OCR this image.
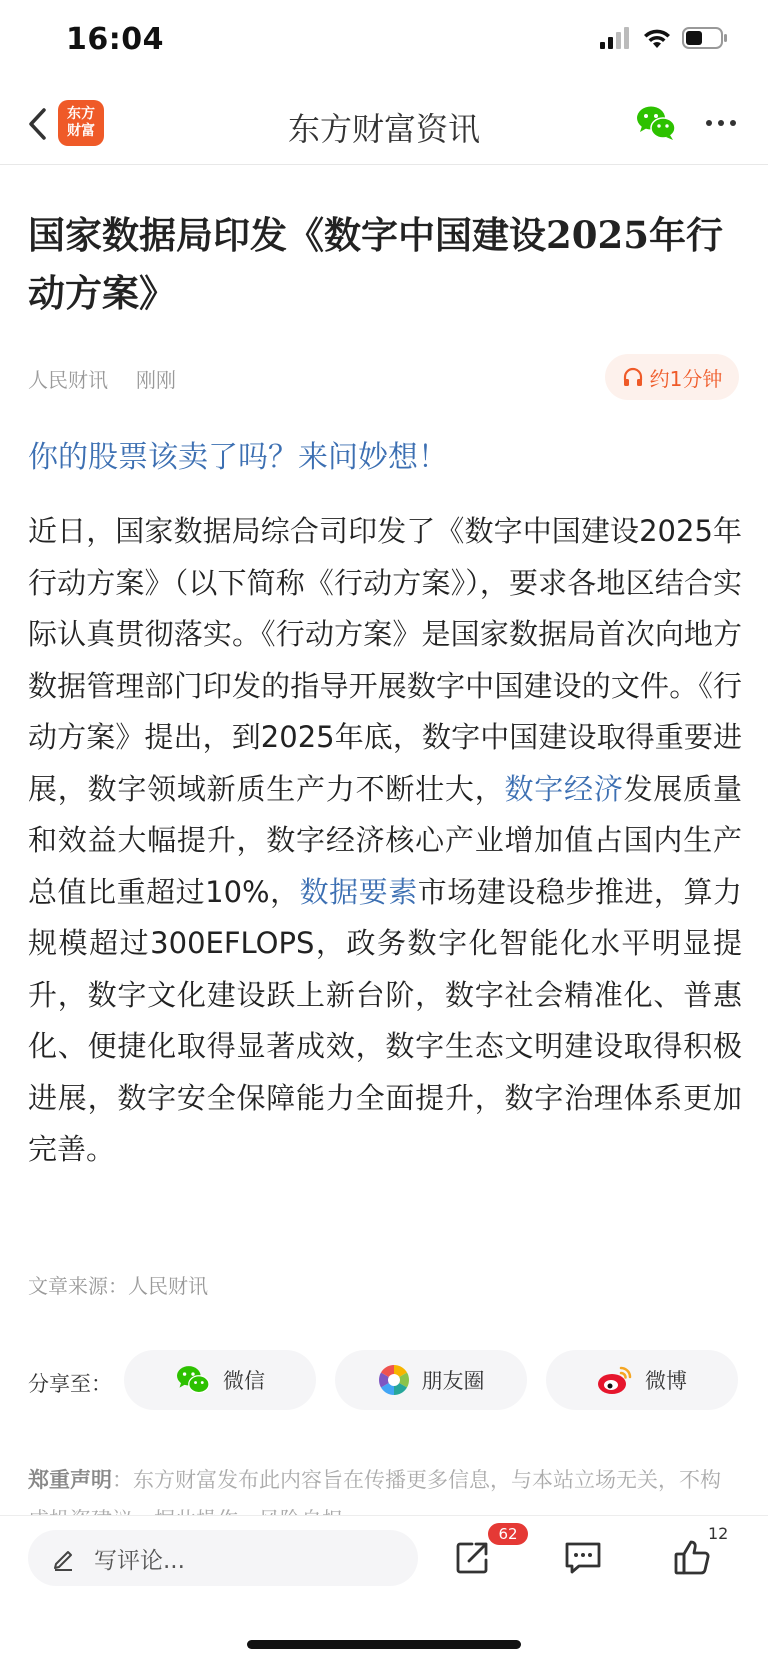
16:04
东方财富资讯
东方
财富
国家数据局印发《数字中国建设2025年行动方案》
人民财讯 刚刚	约1分钟
你的股票该卖了吗？来问妙想！
近日，国家数据局综合司印发了《数字中国建设2025年行动方案》（以下简称《行动方案》），要求各地区结合实际认真贯彻落实。《行动方案》是国家数据局首次向地方数据管理部门印发的指导开展数字中国建设的文件。《行动方案》提出，到2025年底，数字中国建设取得重要进展，数字领域新质生产力不断壮大，数字经济发展质量和效益大幅提升，数字经济核心产业增加值占国内生产总值比重超过10%，数据要素市场建设稳步推进，算力规模超过300EFLOPS，政务数字化智能化水平明显提升，数字文化建设跃上新台阶，数字社会精准化、普惠化、便捷化取得显著成效，数字生态文明建设取得积极进展，数字安全保障能力全面提升，数字治理体系更加完善。
文章来源：人民财讯
分享至：	微信	朋友圈	微博
郑重声明：东方财富发布此内容旨在传播更多信息，与本站立场无关，不构
写评论...
62	12
